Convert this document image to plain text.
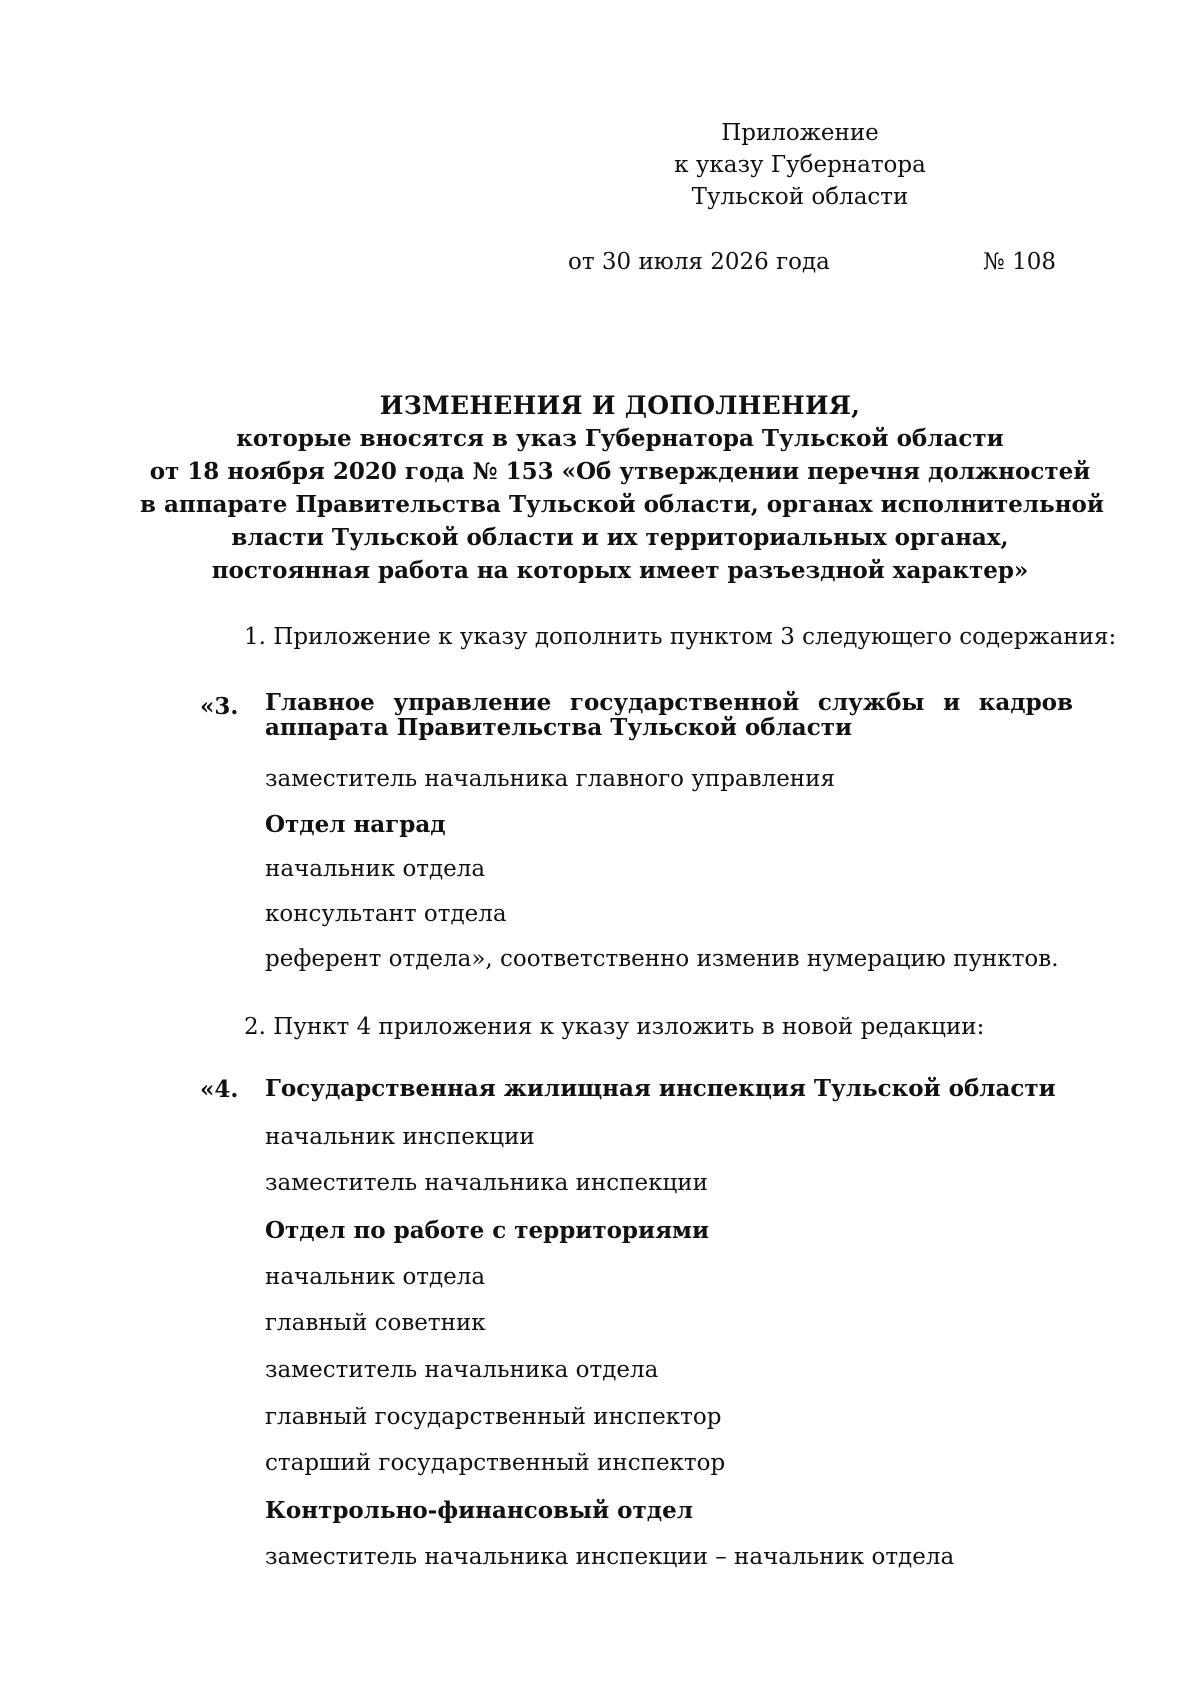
Приложение
к указу Губернатора
Тульской области
от 30 июля 2026 года	№ 108
ИЗМЕНЕНИЯ И ДОПОЛНЕНИЯ,
которые вносятся в указ Губернатора Тульской области
от 18 ноября 2020 года № 153 «Об утверждении перечня должностей
в аппарате Правительства Тульской области, органах исполнительной
власти Тульской области и их территориальных органах,
постоянная работа на которых имеет разъездной характер»
1. Приложение к указу дополнить пунктом 3 следующего содержания:
«3. Главное управление государственной службы и кадров
аппарата Правительства Тульской области
заместитель начальника главного управления
Отдел наград
начальник отдела
консультант отдела
референт отдела», соответственно изменив нумерацию пунктов.
2. Пункт 4 приложения к указу изложить в новой редакции:
«4. Государственная жилищная инспекция Тульской области
начальник инспекции
заместитель начальника инспекции
Отдел по работе с территориями
начальник отдела
главный советник
заместитель начальника отдела
главный государственный инспектор
старший государственный инспектор
Контрольно-финансовый отдел
заместитель начальника инспекции – начальник отдела
